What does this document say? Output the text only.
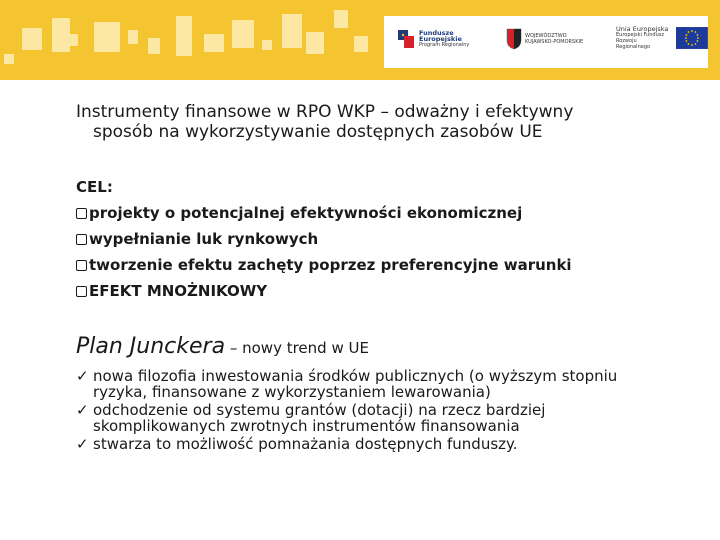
Fundusze
Europejskie
Program Regionalny
WOJEWÓDZTWO
KUJAWSKO-POMORSKIE
Unia Europejska
Europejski Fundusz
Rozwoju Regionalnego
Instrumenty finansowe w RPO WKP – odważny i efektywny
sposób na wykorzystywanie dostępnych zasobów UE
CEL:
projekty o potencjalnej efektywności ekonomicznej
wypełnianie luk rynkowych
tworzenie efektu zachęty poprzez preferencyjne warunki
EFEKT MNOŻNIKOWY
Plan Junckera – nowy trend w UE
✓ nowa filozofia inwestowania środków publicznych (o wyższym stopniu
ryzyka, finansowane z wykorzystaniem lewarowania)
✓ odchodzenie od systemu grantów (dotacji) na rzecz bardziej
skomplikowanych zwrotnych instrumentów finansowania
✓ stwarza to możliwość pomnażania dostępnych funduszy.
